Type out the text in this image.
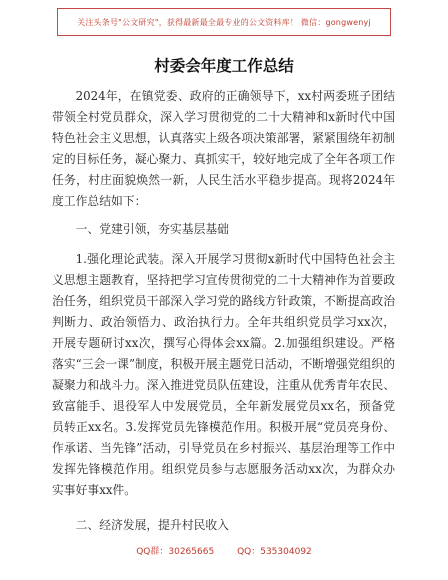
关注头条号"公文研究"，获得最新最全最专业的公文资料库！ 微信：gongwenyj
村委会年度工作总结

2024年，在镇党委、政府的正确领导下，xx村两委班子团结带领全村党员群众，深入学习贯彻党的二十大精神和x新时代中国特色社会主义思想，认真落实上级各项决策部署，紧紧围绕年初制定的目标任务，凝心聚力、真抓实干，较好地完成了全年各项工作任务，村庄面貌焕然一新，人民生活水平稳步提高。现将2024年度工作总结如下：

一、党建引领，夯实基层基础

1.强化理论武装。深入开展学习贯彻x新时代中国特色社会主义思想主题教育，坚持把学习宣传贯彻党的二十大精神作为首要政治任务，组织党员干部深入学习党的路线方针政策，不断提高政治判断力、政治领悟力、政治执行力。全年共组织党员学习xx次，开展专题研讨xx次，撰写心得体会xx篇。2.加强组织建设。严格落实“三会一课”制度，积极开展主题党日活动，不断增强党组织的凝聚力和战斗力。深入推进党员队伍建设，注重从优秀青年农民、致富能手、退役军人中发展党员，全年新发展党员xx名，预备党员转正xx名。3.发挥党员先锋模范作用。积极开展“党员亮身份、作承诺、当先锋”活动，引导党员在乡村振兴、基层治理等工作中发挥先锋模范作用。组织党员参与志愿服务活动xx次，为群众办实事好事xx件。

二、经济发展，提升村民收入

QQ群：30265665        QQ：535304092
